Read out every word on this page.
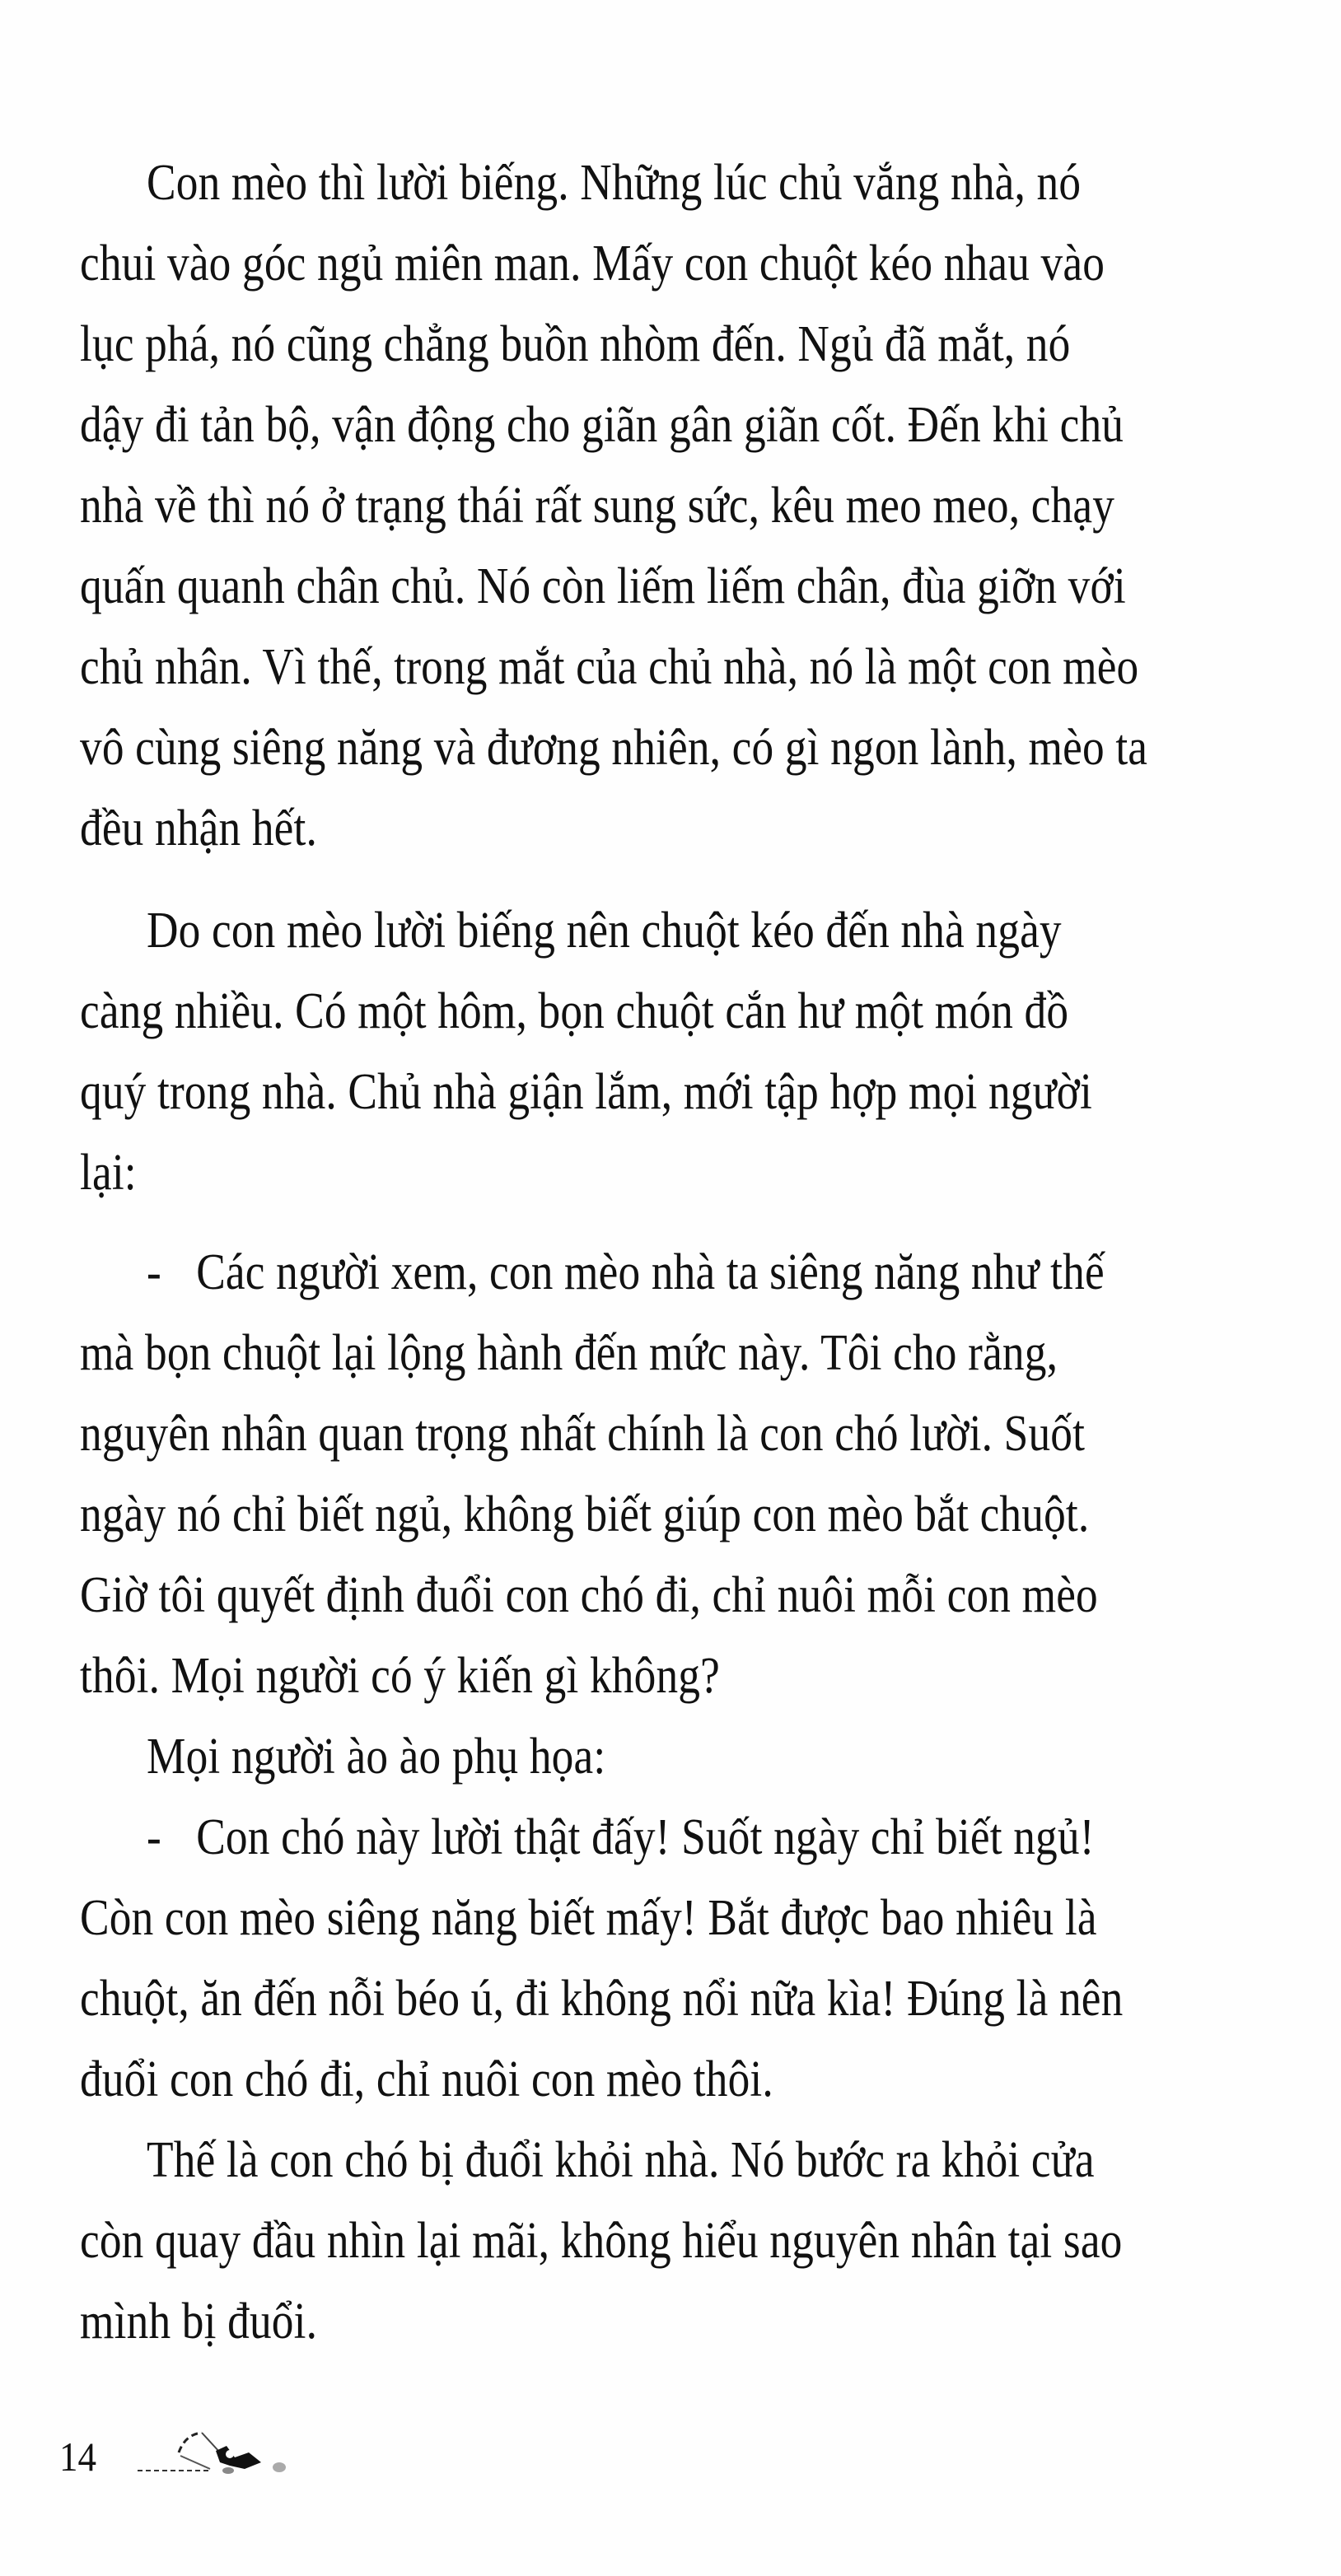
Con mèo thì lười biếng. Những lúc chủ vắng nhà, nó
chui vào góc ngủ miên man. Mấy con chuột kéo nhau vào
lục phá, nó cũng chẳng buồn nhòm đến. Ngủ đã mắt, nó
dậy đi tản bộ, vận động cho giãn gân giãn cốt. Đến khi chủ
nhà về thì nó ở trạng thái rất sung sức, kêu meo meo, chạy
quấn quanh chân chủ. Nó còn liếm liếm chân, đùa giỡn với
chủ nhân. Vì thế, trong mắt của chủ nhà, nó là một con mèo
vô cùng siêng năng và đương nhiên, có gì ngon lành, mèo ta
đều nhận hết.
Do con mèo lười biếng nên chuột kéo đến nhà ngày
càng nhiều. Có một hôm, bọn chuột cắn hư một món đồ
quý trong nhà. Chủ nhà giận lắm, mới tập hợp mọi người
lại:
- Các người xem, con mèo nhà ta siêng năng như thế
mà bọn chuột lại lộng hành đến mức này. Tôi cho rằng,
nguyên nhân quan trọng nhất chính là con chó lười. Suốt
ngày nó chỉ biết ngủ, không biết giúp con mèo bắt chuột.
Giờ tôi quyết định đuổi con chó đi, chỉ nuôi mỗi con mèo
thôi. Mọi người có ý kiến gì không?
Mọi người ào ào phụ họa:
- Con chó này lười thật đấy! Suốt ngày chỉ biết ngủ!
Còn con mèo siêng năng biết mấy! Bắt được bao nhiêu là
chuột, ăn đến nỗi béo ú, đi không nổi nữa kìa! Đúng là nên
đuổi con chó đi, chỉ nuôi con mèo thôi.
Thế là con chó bị đuổi khỏi nhà. Nó bước ra khỏi cửa
còn quay đầu nhìn lại mãi, không hiểu nguyên nhân tại sao
mình bị đuổi.
14
